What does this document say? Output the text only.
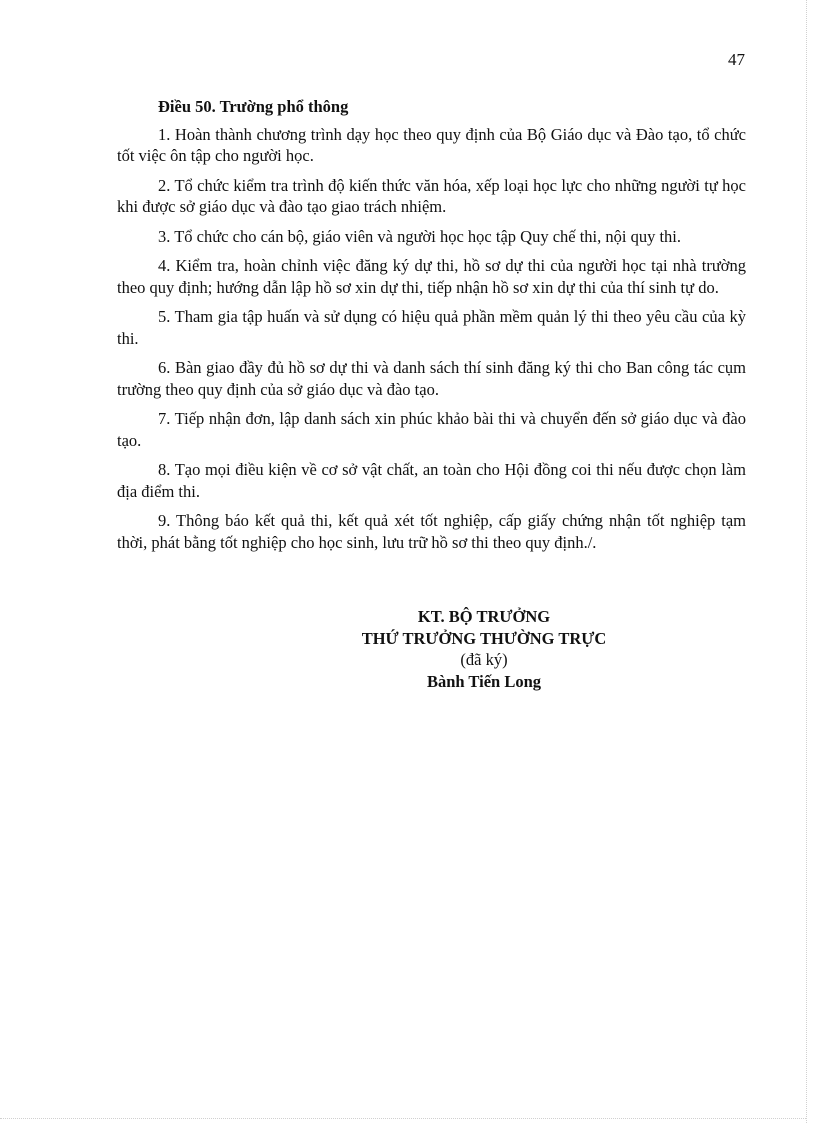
47
Điều 50. Trường phổ thông

1. Hoàn thành chương trình dạy học theo quy định của Bộ Giáo dục và Đào tạo, tổ chức tốt việc ôn tập cho người học.

2. Tổ chức kiểm tra trình độ kiến thức văn hóa, xếp loại học lực cho những người tự học khi được sở giáo dục và đào tạo giao trách nhiệm.

3. Tổ chức cho cán bộ, giáo viên và người học học tập Quy chế thi, nội quy thi.

4. Kiểm tra, hoàn chỉnh việc đăng ký dự thi, hồ sơ dự thi của người học tại nhà trường theo quy định; hướng dẫn lập hồ sơ xin dự thi, tiếp nhận hồ sơ xin dự thi của thí sinh tự do.

5. Tham gia tập huấn và sử dụng có hiệu quả phần mềm quản lý thi theo yêu cầu của kỳ thi.

6. Bàn giao đầy đủ hồ sơ dự thi và danh sách thí sinh đăng ký thi cho Ban công tác cụm trường theo quy định của sở giáo dục và đào tạo.

7. Tiếp nhận đơn, lập danh sách xin phúc khảo bài thi và chuyển đến sở giáo dục và đào tạo.

8. Tạo mọi điều kiện về cơ sở vật chất, an toàn cho Hội đồng coi thi nếu được chọn làm địa điểm thi.

9. Thông báo kết quả thi, kết quả xét tốt nghiệp, cấp giấy chứng nhận tốt nghiệp tạm thời, phát bằng tốt nghiệp cho học sinh, lưu trữ hồ sơ thi theo quy định./.

KT. BỘ TRƯỞNG
THỨ TRƯỞNG THƯỜNG TRỰC
(đã ký)
Bành Tiến Long
